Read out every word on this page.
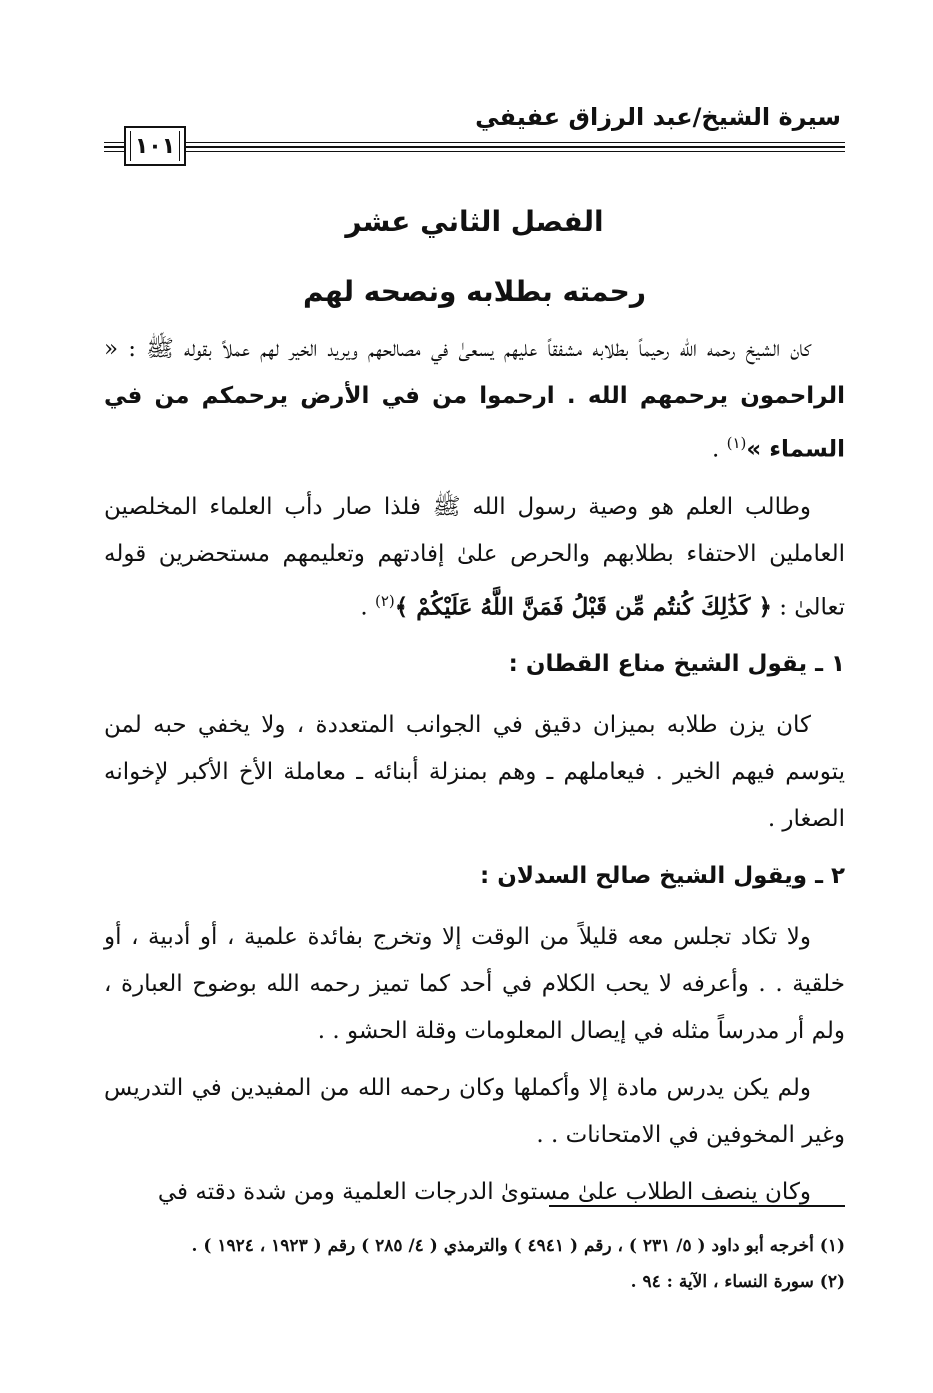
سيرة الشيخ/عبد الرزاق عفيفي
١٠١
الفصل الثاني عشر
رحمته بطلابه ونصحه لهم

كان الشيخ رحمه الله رحيماً بطلابه مشفقاً عليهم يسعىٰ في مصالحهم ويريد الخير لهم عملاً بقوله ﷺ : « الراحمون يرحمهم الله . ارحموا من في الأرض يرحمكم من في السماء »$^{(١)}$ .

وطالب العلم هو وصية رسول الله ﷺ فلذا صار دأب العلماء المخلصين العاملين الاحتفاء بطلابهم والحرص علىٰ إفادتهم وتعليمهم مستحضرين قوله تعالىٰ : ﴿ كَذَٰلِكَ كُنتُم مِّن قَبْلُ فَمَنَّ اللَّهُ عَلَيْكُمْ ﴾$^{(٢)}$ .

١ ـ يقول الشيخ مناع القطان :

كان يزن طلابه بميزان دقيق في الجوانب المتعددة ، ولا يخفي حبه لمن يتوسم فيهم الخير . فيعاملهم ـ وهم بمنزلة أبنائه ـ معاملة الأخ الأكبر لإخوانه الصغار .

٢ ـ ويقول الشيخ صالح السدلان :

ولا تكاد تجلس معه قليلاً من الوقت إلا وتخرج بفائدة علمية ، أو أدبية ، أو خلقية . . وأعرفه لا يحب الكلام في أحد كما تميز رحمه الله بوضوح العبارة ، ولم أر مدرساً مثله في إيصال المعلومات وقلة الحشو . .

ولم يكن يدرس مادة إلا وأكملها وكان رحمه الله من المفيدين في التدريس وغير المخوفين في الامتحانات . .

وكان ينصف الطلاب علىٰ مستوىٰ الدرجات العلمية ومن شدة دقته في

(١) أخرجه أبو داود ( ٥/ ٢٣١ ) ، رقم ( ٤٩٤١ ) والترمذي ( ٤/ ٢٨٥ ) رقم ( ١٩٢٣ ، ١٩٢٤ ) .
(٢) سورة النساء ، الآية : ٩٤ .
